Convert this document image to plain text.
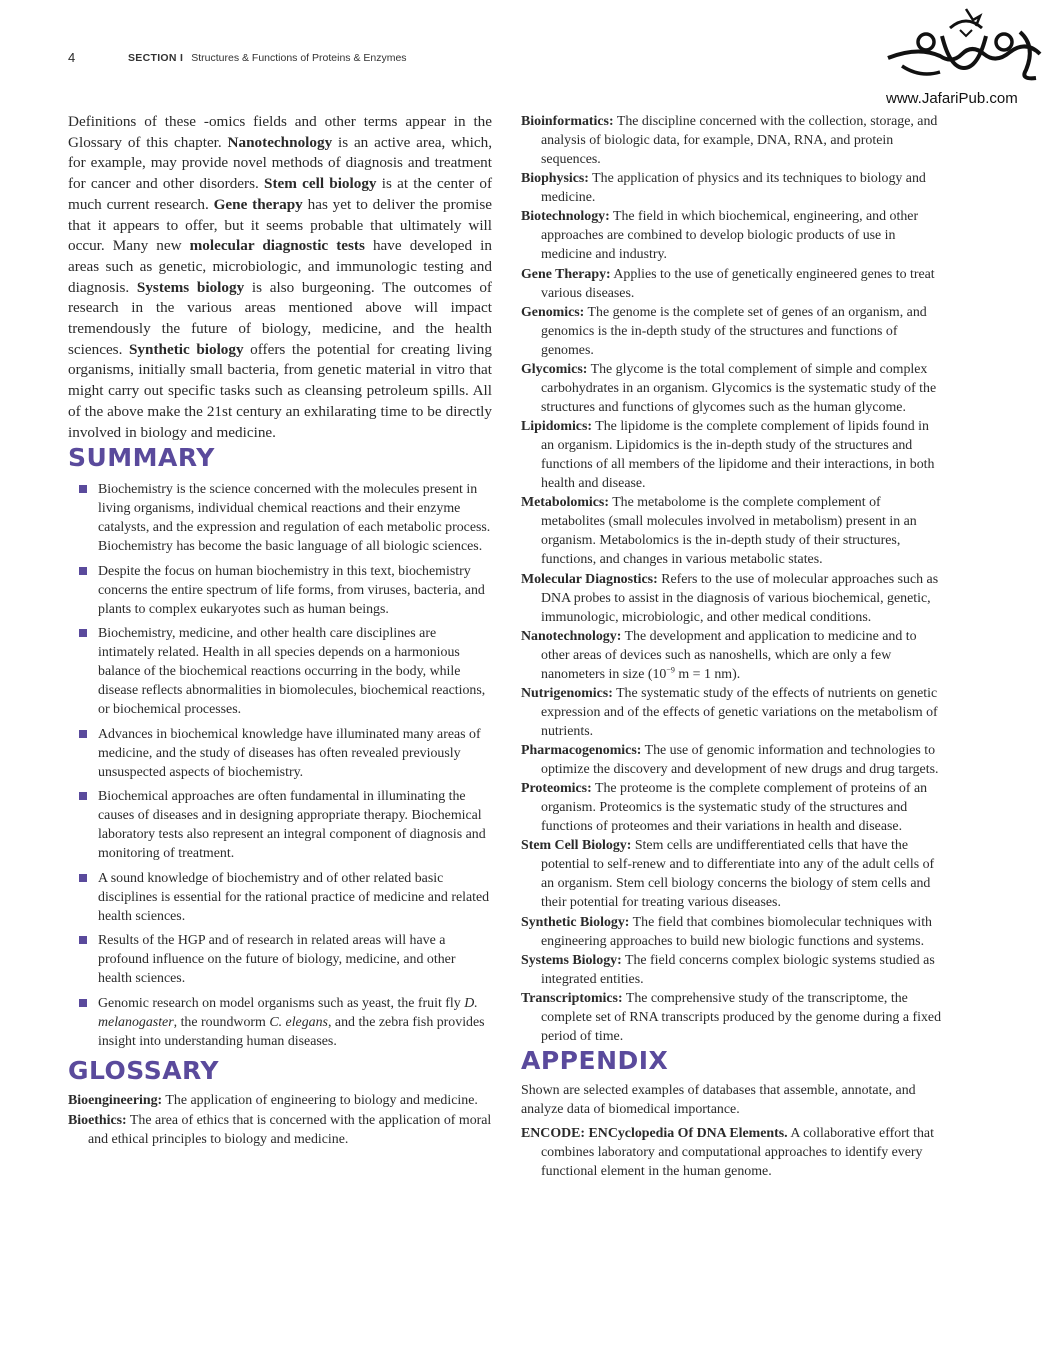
4	SECTION I Structures & Functions of Proteins & Enzymes
www.JafariPub.com

Definitions of these -omics fields and other terms appear in the Glossary of this chapter. Nanotechnology is an active area, which, for example, may provide novel methods of diagnosis and treatment for cancer and other disorders. Stem cell biology is at the center of much current research. Gene therapy has yet to deliver the promise that it appears to offer, but it seems probable that ultimately will occur. Many new molecular diagnostic tests have developed in areas such as genetic, microbiologic, and immunologic testing and diagnosis. Systems biology is also burgeoning. The outcomes of research in the various areas mentioned above will impact tremendously the future of biology, medicine, and the health sciences. Synthetic biology offers the potential for creating living organisms, initially small bacteria, from genetic material in vitro that might carry out specific tasks such as cleansing petroleum spills. All of the above make the 21st century an exhilarating time to be directly involved in biology and medicine.

SUMMARY
Biochemistry is the science concerned with the molecules present in living organisms, individual chemical reactions and their enzyme catalysts, and the expression and regulation of each metabolic process. Biochemistry has become the basic language of all biologic sciences.
Despite the focus on human biochemistry in this text, biochemistry concerns the entire spectrum of life forms, from viruses, bacteria, and plants to complex eukaryotes such as human beings.
Biochemistry, medicine, and other health care disciplines are intimately related. Health in all species depends on a harmonious balance of the biochemical reactions occurring in the body, while disease reflects abnormalities in biomolecules, biochemical reactions, or biochemical processes.
Advances in biochemical knowledge have illuminated many areas of medicine, and the study of diseases has often revealed previously unsuspected aspects of biochemistry.
Biochemical approaches are often fundamental in illuminating the causes of diseases and in designing appropriate therapy. Biochemical laboratory tests also represent an integral component of diagnosis and monitoring of treatment.
A sound knowledge of biochemistry and of other related basic disciplines is essential for the rational practice of medicine and related health sciences.
Results of the HGP and of research in related areas will have a profound influence on the future of biology, medicine, and other health sciences.
Genomic research on model organisms such as yeast, the fruit fly D. melanogaster, the roundworm C. elegans, and the zebra fish provides insight into understanding human diseases.
GLOSSARY
Bioengineering: The application of engineering to biology and medicine.
Bioethics: The area of ethics that is concerned with the application of moral and ethical principles to biology and medicine.
Bioinformatics: The discipline concerned with the collection, storage, and analysis of biologic data, for example, DNA, RNA, and protein sequences.
Biophysics: The application of physics and its techniques to biology and medicine.
Biotechnology: The field in which biochemical, engineering, and other approaches are combined to develop biologic products of use in medicine and industry.
Gene Therapy: Applies to the use of genetically engineered genes to treat various diseases.
Genomics: The genome is the complete set of genes of an organism, and genomics is the in-depth study of the structures and functions of genomes.
Glycomics: The glycome is the total complement of simple and complex carbohydrates in an organism. Glycomics is the systematic study of the structures and functions of glycomes such as the human glycome.
Lipidomics: The lipidome is the complete complement of lipids found in an organism. Lipidomics is the in-depth study of the structures and functions of all members of the lipidome and their interactions, in both health and disease.
Metabolomics: The metabolome is the complete complement of metabolites (small molecules involved in metabolism) present in an organism. Metabolomics is the in-depth study of their structures, functions, and changes in various metabolic states.
Molecular Diagnostics: Refers to the use of molecular approaches such as DNA probes to assist in the diagnosis of various biochemical, genetic, immunologic, microbiologic, and other medical conditions.
Nanotechnology: The development and application to medicine and to other areas of devices such as nanoshells, which are only a few nanometers in size ($10^{-9}$ m = 1 nm).
Nutrigenomics: The systematic study of the effects of nutrients on genetic expression and of the effects of genetic variations on the metabolism of nutrients.
Pharmacogenomics: The use of genomic information and technologies to optimize the discovery and development of new drugs and drug targets.
Proteomics: The proteome is the complete complement of proteins of an organism. Proteomics is the systematic study of the structures and functions of proteomes and their variations in health and disease.
Stem Cell Biology: Stem cells are undifferentiated cells that have the potential to self-renew and to differentiate into any of the adult cells of an organism. Stem cell biology concerns the biology of stem cells and their potential for treating various diseases.
Synthetic Biology: The field that combines biomolecular techniques with engineering approaches to build new biologic functions and systems.
Systems Biology: The field concerns complex biologic systems studied as integrated entities.
Transcriptomics: The comprehensive study of the transcriptome, the complete set of RNA transcripts produced by the genome during a fixed period of time.
APPENDIX

Shown are selected examples of databases that assemble, annotate, and analyze data of biomedical importance.

ENCODE: ENCyclopedia Of DNA Elements. A collaborative effort that combines laboratory and computational approaches to identify every functional element in the human genome.
